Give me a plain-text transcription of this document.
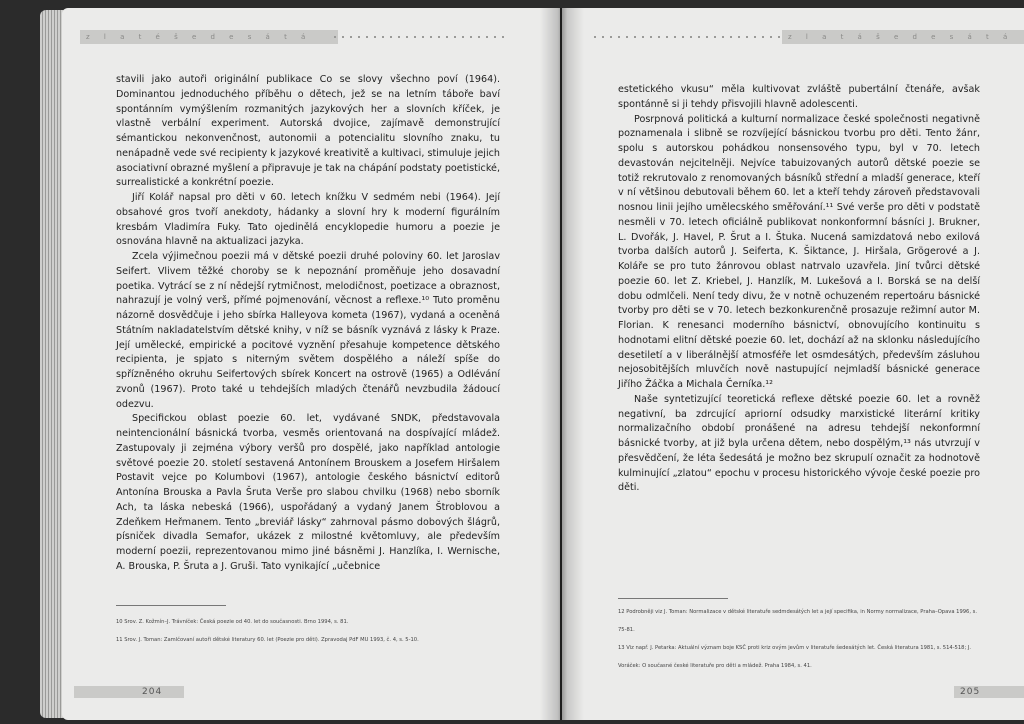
z l a t é š e d e s á t á	z l a t á š e d e s á t á

stavili jako autoři originální publikace Co se slovy všechno poví (1964). Dominantou jednoduchého příběhu o dětech, jež se na letním táboře baví spontánním vymýšlením rozmanitých jazykových her a slovních kříček, je vlastně verbální experiment. Autorská dvojice, zajímavě demonstrující sémantickou nekonvenčnost, autonomii a potencialitu slovního znaku, tu nenápadně vede své recipienty k jazykové kreativitě a kultivaci, stimuluje jejich asociativní obrazné myšlení a připravuje je tak na chápání podstaty poetistické, surrealistické a konkrétní poezie.

Jiří Kolář napsal pro děti v 60. letech knížku V sedmém nebi (1964). Její obsahové gros tvoří anekdoty, hádanky a slovní hry k moderní figurálním kresbám Vladimíra Fuky. Tato ojedinělá encyklopedie humoru a poezie je osnována hlavně na aktualizaci jazyka.

Zcela výjimečnou poezii má v dětské poezii druhé poloviny 60. let Jaroslav Seifert. Vlivem těžké choroby se k nepoznání proměňuje jeho dosavadní poetika. Vytrácí se z ní nědejší rytmičnost, melodičnost, poetizace a obraznost, nahrazují je volný verš, přímé pojmenování, věcnost a reflexe.¹⁰ Tuto proměnu názorně dosvědčuje i jeho sbírka Halleyova kometa (1967), vydaná a oceněná Státním nakladatelstvím dětské knihy, v níž se básník vyznává z lásky k Praze. Její umělecké, empirické a pocitové vyznění přesahuje kompetence dětského recipienta, je spjato s niterným světem dospělého a náleží spíše do spřízněného okruhu Seifertových sbírek Koncert na ostrově (1965) a Odlévání zvonů (1967). Proto také u tehdejších mladých čtenářů nevzbudila žádoucí odezvu.

Specifickou oblast poezie 60. let, vydávané SNDK, představovala neintencionální básnická tvorba, vesměs orientovaná na dospívající mládež. Zastupovaly ji zejména výbory veršů pro dospělé, jako například antologie světové poezie 20. století sestavená Antonínem Brouskem a Josefem Hiršalem Postavit vejce po Kolumbovi (1967), antologie českého básnictví editorů Antonína Brouska a Pavla Šruta Verše pro slabou chvilku (1968) nebo sborník Ach, ta láska nebeská (1966), uspořádaný a vydaný Janem Štroblovou a Zdeňkem Heřmanem. Tento „breviář lásky“ zahrnoval pásmo dobových šlágrů, písniček divadla Semafor, ukázek z milostné květomluvy, ale především moderní poezii, reprezentovanou mimo jiné básněmi J. Hanzlíka, I. Wernische, A. Brouska, P. Šruta a J. Gruši. Tato vynikající „učebnice

10 Srov. Z. Kožmín–J. Trávníček: Česká poezie od 40. let do současnosti. Brno 1994, s. 81.
11 Srov. J. Toman: Zamlčovaní autoři dětské literatury 60. let (Poezie pro děti). Zpravodaj PdF MU 1993, č. 4, s. 5-10.

estetického vkusu“ měla kultivovat zvláště pubertální čtenáře, avšak spontánně si ji tehdy přisvojili hlavně adolescenti.

Posrpnová politická a kulturní normalizace české společnosti negativně poznamenala i slibně se rozvíjející básnickou tvorbu pro děti. Tento žánr, spolu s autorskou pohádkou nonsensového typu, byl v 70. letech devastován nejcitelněji. Nejvíce tabuizovaných autorů dětské poezie se totiž rekrutovalo z renomovaných básníků střední a mladší generace, kteří v ní většinou debutovali během 60. let a kteří tehdy zároveň představovali nosnou linii jejího umělecského směřování.¹¹ Své verše pro děti v podstatě nesměli v 70. letech oficiálně publikovat nonkonformní básníci J. Brukner, L. Dvořák, J. Havel, P. Šrut a I. Štuka. Nucená samizdatová nebo exilová tvorba dalších autorů J. Seiferta, K. Šiktance, J. Hiršala, Grögerové a J. Kolářе se pro tuto žánrovou oblast natrvalo uzavřela. Jiní tvůrci dětské poezie 60. let Z. Kriebel, J. Hanzlík, M. Lukešová a I. Borská se na delší dobu odmlčeli. Není tedy divu, že v notně ochuzeném repertoáru básnické tvorby pro děti se v 70. letech bezkonkurenčně prosazuje režimní autor M. Florian. K renesanci moderního básnictví, obnovujícího kontinuitu s hodnotami elitní dětské poezie 60. let, dochází až na sklonku následujícího desetiletí a v liberálnější atmosféře let osmdesátých, především zásluhou nejosobitějších mluvčích nově nastupující nejmladší básnické generace Jiřího Žáčka a Michala Černíka.¹²

Naše syntetizující teoretická reflexe dětské poezie 60. let a rovněž negativní, ba zdrcující apriorní odsudky marxistické literární kritiky normalizačního období pronášené na adresu tehdejší nekonformní básnické tvorby, at již byla určena dětem, nebo dospělým,¹³ nás utvrzují v přesvědčení, že léta šedesátá je možno bez skrupulí označit za hodnotově kulminující „zlatou“ epochu v procesu historického vývoje české poezie pro děti.

12 Podrobněji viz J. Toman: Normalizace v dětské literatuře sedmdesátých let a její specifika, in Normy normalizace, Praha–Opava 1996, s. 75-81.
13 Viz např. J. Petarka: Aktuální význam boje KSČ proti kriz ovým jevům v literatuře šedesátých let. Česká literatura 1981, s. 514-518; J. Voráček: O současné české literatuře pro děti a mládež. Praha 1984, s. 41.
204	205
